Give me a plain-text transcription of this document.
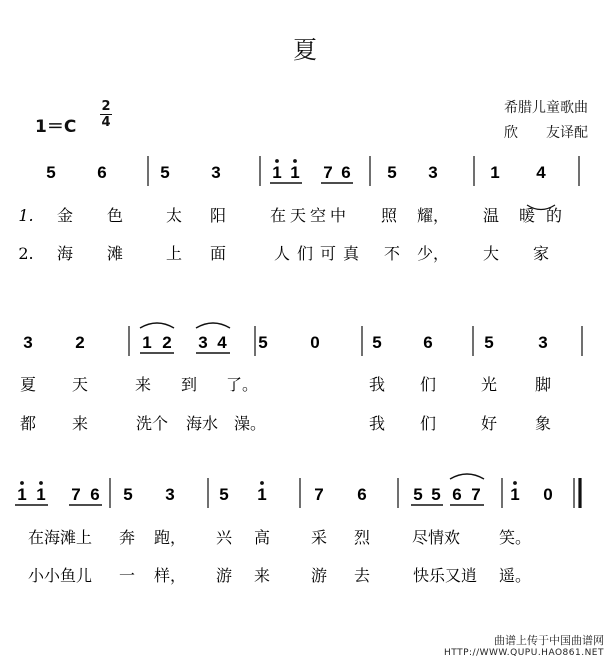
夏
1＝C
2
4
希腊儿童歌曲
欣　　友译配
5 6	5 3	1 1 7 6 5 3	1 4
1. 金 色	太 阳	在 天 空 中 照 耀， 温 暖 的
2. 海 滩	上 面	人 们 可 真 不 少， 大 家
3	2	1 2 3 4 5	0	5 6	5	3
夏 天	来 到 了。	我 们	光 脚
都 来	洗个 海水 澡。	我 们	好 象
1 1 7 6 5 3	5 1	7 6	5 5 6 7 1 0
在海滩上 奔 跑， 兴 高	采 烈	尽情欢 笑。
小小鱼儿 一 样， 游 来	游 去	快乐又逍 遥。
曲谱上传于中国曲谱网
HTTP://WWW.QUPU.HAO861.NET
